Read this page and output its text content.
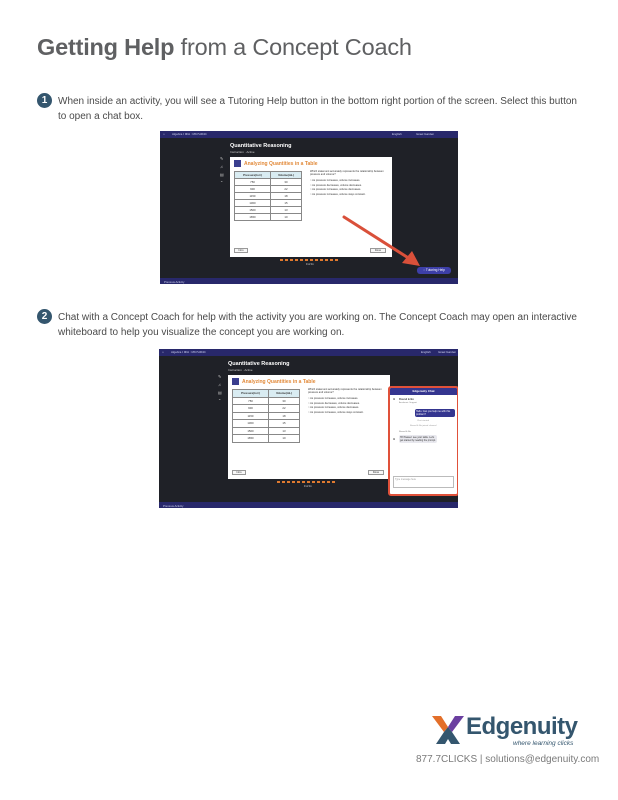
Getting Help from a Concept Coach
1	When inside an activity, you will see a Tutoring Help button in the bottom right portion of the screen. Select this button to open a chat box.
⌂ Algebra I 9FA : MK7HR4C	English	Israel Garden
Quantitative Reasoning
Instruction · Active
✎
♫
▤
⌃
Analyzing Quantities in a Table
Pressure(torr)	Volume(mL)
750	30
900	22
1150	18
1300	15
1500	13
1650	10
Which statement accurately represents the relationship between pressure and volume?
○ As pressure increases, volume increases.
○ As pressure decreases, volume decreases.
○ As pressure increases, volume decreases.
○ As pressure increases, volume stays constant.
Intro	Done
9 of 11
◌ Tutoring Help
Previous Activity
2	Chat with a Concept Coach for help with the activity you are working on. The Concept Coach may open an interactive whiteboard to help you visualize the concept you are working on.
⌂ Algebra I 9FA : MK7HR4C	English Israel Garden
Quantitative Reasoning
Instruction · Active
✎
♫
▤
⌃
Analyzing Quantities in a Table
Pressure(torr)	Volume(mL)
750	30
900	22
1150	18
1300	15
1500	13
1650	10
Which statement accurately represents the relationship between pressure and volume?
○ As pressure increases, volume increases.
○ As pressure decreases, volume decreases.
○ As pressure increases, volume decreases.
○ As pressure increases, volume stays constant.
Intro	Done
9 of 11
Edgenuity Chat
✖ Round & Bo
Academic Support
Hello. Can you help me with this problem?
Chat started
Round & Bo joined channel
Round & Bo
✖
Hi! Please I see your table. Let's get started by reading the prompt.
Type message here
Previous Activity
Edgenuity
where learning clicks
877.7CLICKS | solutions@edgenuity.com
